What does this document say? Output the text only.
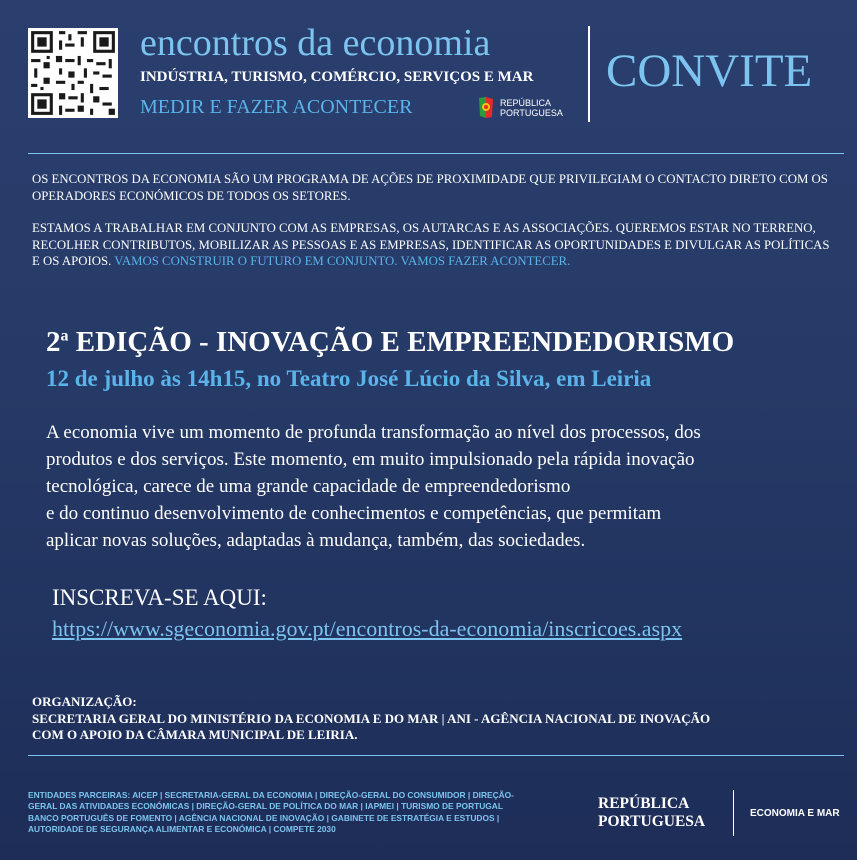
encontros da economia
INDÚSTRIA, TURISMO, COMÉRCIO, SERVIÇOS E MAR
MEDIR E FAZER ACONTECER	REPÚBLICA
PORTUGUESA
CONVITE

OS ENCONTROS DA ECONOMIA SÃO UM PROGRAMA DE AÇÕES DE PROXIMIDADE QUE PRIVILEGIAM O CONTACTO DIRETO COM OS OPERADORES ECONÓMICOS DE TODOS OS SETORES.

ESTAMOS A TRABALHAR EM CONJUNTO COM AS EMPRESAS, OS AUTARCAS E AS ASSOCIAÇÕES. QUEREMOS ESTAR NO TERRENO, RECOLHER CONTRIBUTOS, MOBILIZAR AS PESSOAS E AS EMPRESAS, IDENTIFICAR AS OPORTUNIDADES E DIVULGAR AS POLÍTICAS E OS APOIOS. VAMOS CONSTRUIR O FUTURO EM CONJUNTO. VAMOS FAZER ACONTECER.

2$^a$ EDIÇÃO - INOVAÇÃO E EMPREENDEDORISMO
12 de julho às 14h15, no Teatro José Lúcio da Silva, em Leiria
A economia vive um momento de profunda transformação ao nível dos processos, dos
produtos e dos serviços. Este momento, em muito impulsionado pela rápida inovação
tecnológica, carece de uma grande capacidade de empreendedorismo
e do continuo desenvolvimento de conhecimentos e competências, que permitam
aplicar novas soluções, adaptadas à mudança, também, das sociedades.
INSCREVA-SE AQUI:
https://www.sgeconomia.gov.pt/encontros-da-economia/inscricoes.aspx
ORGANIZAÇÃO:
SECRETARIA GERAL DO MINISTÉRIO DA ECONOMIA E DO MAR | ANI - AGÊNCIA NACIONAL DE INOVAÇÃO
COM O APOIO DA CÂMARA MUNICIPAL DE LEIRIA.
ENTIDADES PARCEIRAS: AICEP | SECRETARIA-GERAL DA ECONOMIA | DIREÇÃO-GERAL DO CONSUMIDOR | DIREÇÃO-
GERAL DAS ATIVIDADES ECONÓMICAS | DIREÇÃO-GERAL DE POLÍTICA DO MAR | IAPMEI | TURISMO DE PORTUGAL
BANCO PORTUGUÊS DE FOMENTO | AGÊNCIA NACIONAL DE INOVAÇÃO | GABINETE DE ESTRATÉGIA E ESTUDOS |
AUTORIDADE DE SEGURANÇA ALIMENTAR E ECONÓMICA | COMPETE 2030
REPÚBLICA
PORTUGUESA	ECONOMIA E MAR
